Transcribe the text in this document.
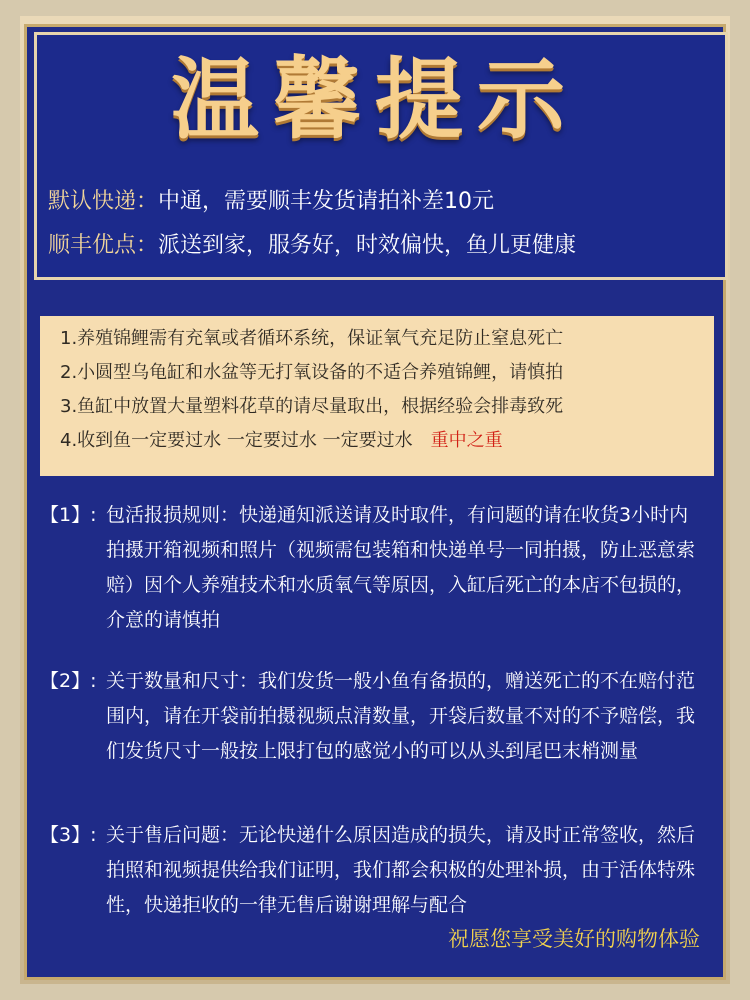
温馨提示
默认快递：中通，需要顺丰发货请拍补差10元
顺丰优点：派送到家，服务好，时效偏快，鱼儿更健康
1.养殖锦鲤需有充氧或者循环系统，保证氧气充足防止窒息死亡
2.小圆型乌龟缸和水盆等无打氧设备的不适合养殖锦鲤，请慎拍
3.鱼缸中放置大量塑料花草的请尽量取出，根据经验会排毒致死
4.收到鱼一定要过水 一定要过水 一定要过水 重中之重
【1】: 包活报损规则：快递通知派送请及时取件，有问题的请在收货3小时内拍摄开箱视频和照片（视频需包装箱和快递单号一同拍摄，防止恶意索赔）因个人养殖技术和水质氧气等原因，入缸后死亡的本店不包损的，介意的请慎拍
【2】: 关于数量和尺寸：我们发货一般小鱼有备损的，赠送死亡的不在赔付范围内，请在开袋前拍摄视频点清数量，开袋后数量不对的不予赔偿，我们发货尺寸一般按上限打包的感觉小的可以从头到尾巴末梢测量
【3】: 关于售后问题：无论快递什么原因造成的损失，请及时正常签收，然后拍照和视频提供给我们证明，我们都会积极的处理补损，由于活体特殊性，快递拒收的一律无售后谢谢理解与配合
祝愿您享受美好的购物体验
